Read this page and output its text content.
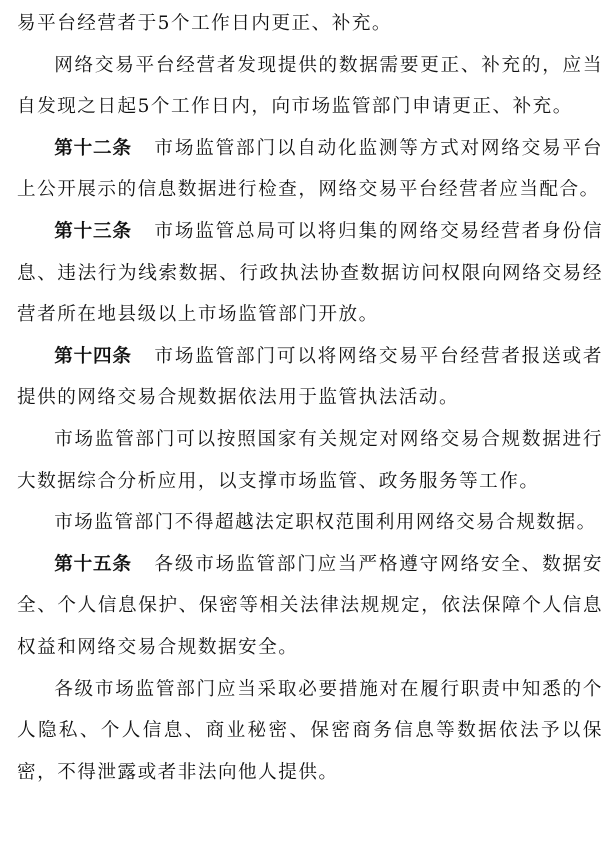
易平台经营者于5个工作日内更正、补充。

网络交易平台经营者发现提供的数据需要更正、补充的，应当自发现之日起5个工作日内，向市场监管部门申请更正、补充。

第十二条 市场监管部门以自动化监测等方式对网络交易平台上公开展示的信息数据进行检查，网络交易平台经营者应当配合。

第十三条 市场监管总局可以将归集的网络交易经营者身份信息、违法行为线索数据、行政执法协查数据访问权限向网络交易经营者所在地县级以上市场监管部门开放。

第十四条 市场监管部门可以将网络交易平台经营者报送或者提供的网络交易合规数据依法用于监管执法活动。

市场监管部门可以按照国家有关规定对网络交易合规数据进行大数据综合分析应用，以支撑市场监管、政务服务等工作。

市场监管部门不得超越法定职权范围利用网络交易合规数据。

第十五条 各级市场监管部门应当严格遵守网络安全、数据安全、个人信息保护、保密等相关法律法规规定，依法保障个人信息权益和网络交易合规数据安全。

各级市场监管部门应当采取必要措施对在履行职责中知悉的个人隐私、个人信息、商业秘密、保密商务信息等数据依法予以保密，不得泄露或者非法向他人提供。
